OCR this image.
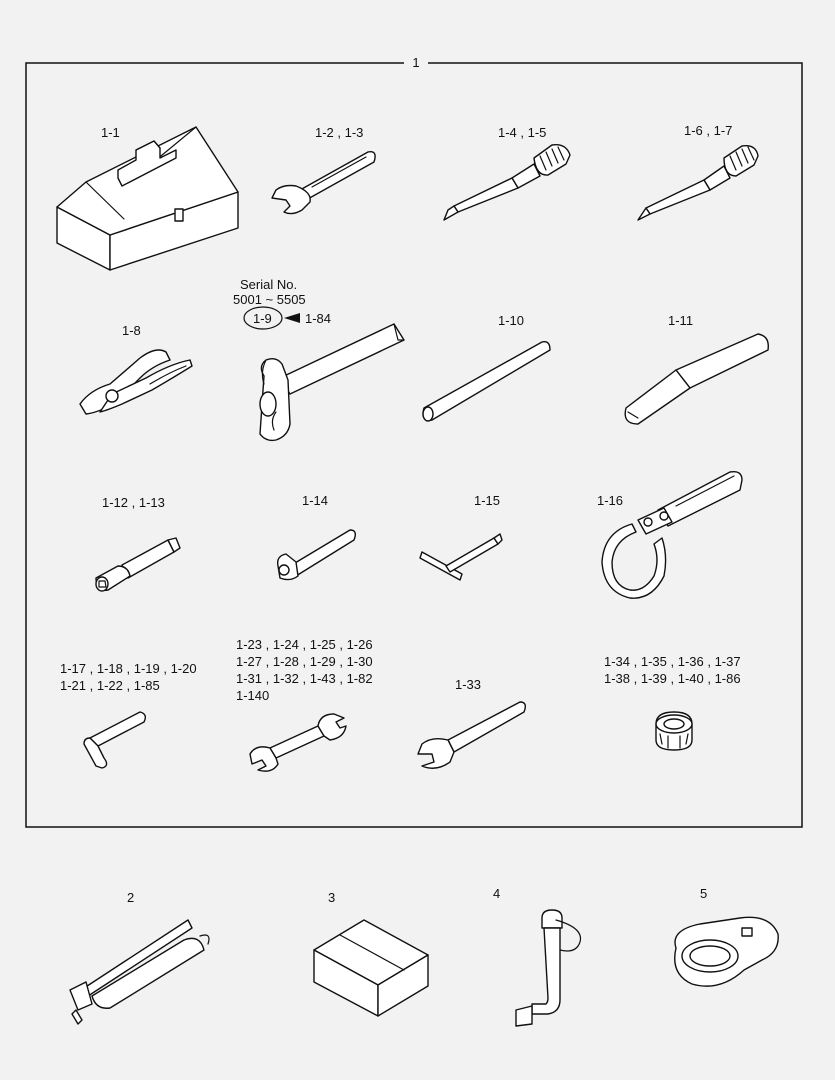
1
1-1	1-2 , 1-3	1-4 , 1-5	1-6 , 1-7
Serial No.
5001 ~ 5505
1-9	1-84
1-8
1-10	1-11
1-12 , 1-13	1-14	1-15	1-16
1-17 , 1-18 , 1-19 , 1-20
1-21 , 1-22 , 1-85
1-23 , 1-24 , 1-25 , 1-26
1-27 , 1-28 , 1-29 , 1-30
1-31 , 1-32 , 1-43 , 1-82
1-140
1-33
1-34 , 1-35 , 1-36 , 1-37
1-38 , 1-39 , 1-40 , 1-86
2	3	4	5
